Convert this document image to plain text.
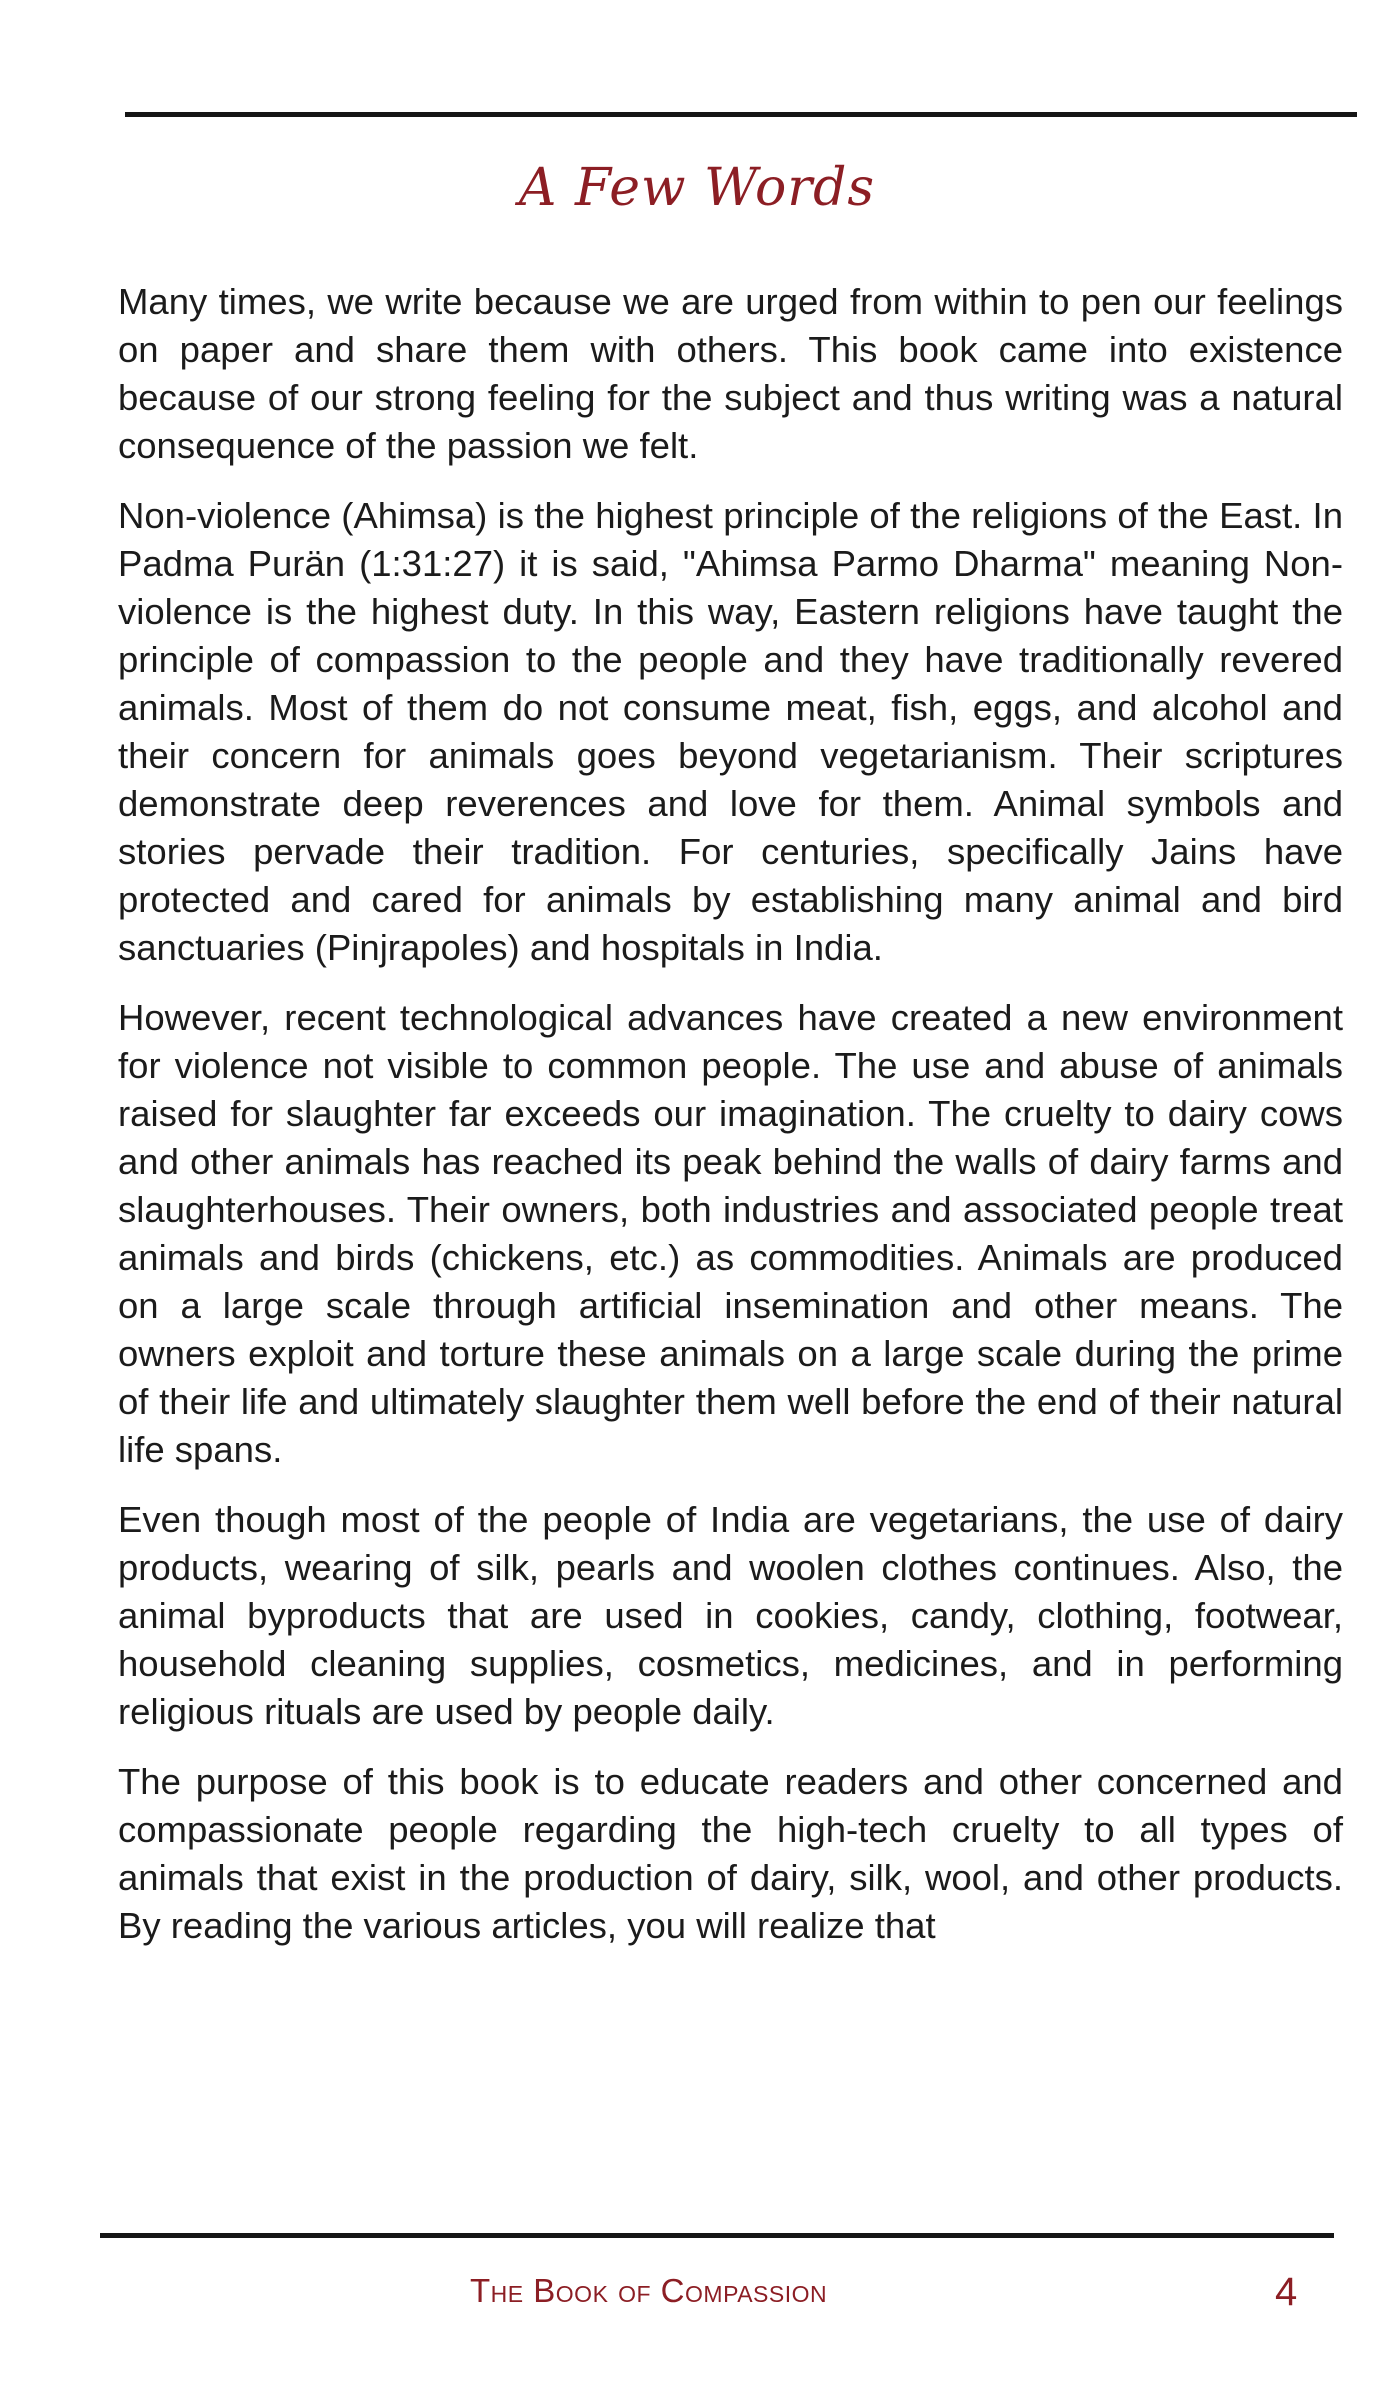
A Few Words

Many times, we write because we are urged from within to pen our feelings on paper and share them with others. This book came into existence because of our strong feeling for the subject and thus writing was a natural consequence of the passion we felt.

Non-violence (Ahimsa) is the highest principle of the religions of the East. In Padma Purän (1:31:27) it is said, "Ahimsa Parmo Dharma" meaning Non-violence is the highest duty. In this way, Eastern religions have taught the principle of compassion to the people and they have traditionally revered animals. Most of them do not consume meat, fish, eggs, and alcohol and their concern for animals goes beyond vegetarianism. Their scriptures demonstrate deep reverences and love for them. Animal symbols and stories pervade their tradition. For centuries, specifically Jains have protected and cared for animals by establishing many animal and bird sanctuaries (Pinjrapoles) and hospitals in India.

However, recent technological advances have created a new environment for violence not visible to common people. The use and abuse of animals raised for slaughter far exceeds our imagination. The cruelty to dairy cows and other animals has reached its peak behind the walls of dairy farms and slaughterhouses. Their owners, both industries and associated people treat animals and birds (chickens, etc.) as commodities. Animals are produced on a large scale through artificial insemination and other means. The owners exploit and torture these animals on a large scale during the prime of their life and ultimately slaughter them well before the end of their natural life spans.

Even though most of the people of India are vegetarians, the use of dairy products, wearing of silk, pearls and woolen clothes continues. Also, the animal byproducts that are used in cookies, candy, clothing, footwear, household cleaning supplies, cosmetics, medicines, and in performing religious rituals are used by people daily.

The purpose of this book is to educate readers and other concerned and compassionate people regarding the high-tech cruelty to all types of animals that exist in the production of dairy, silk, wool, and other products. By reading the various articles, you will realize that

The Book of Compassion	4
